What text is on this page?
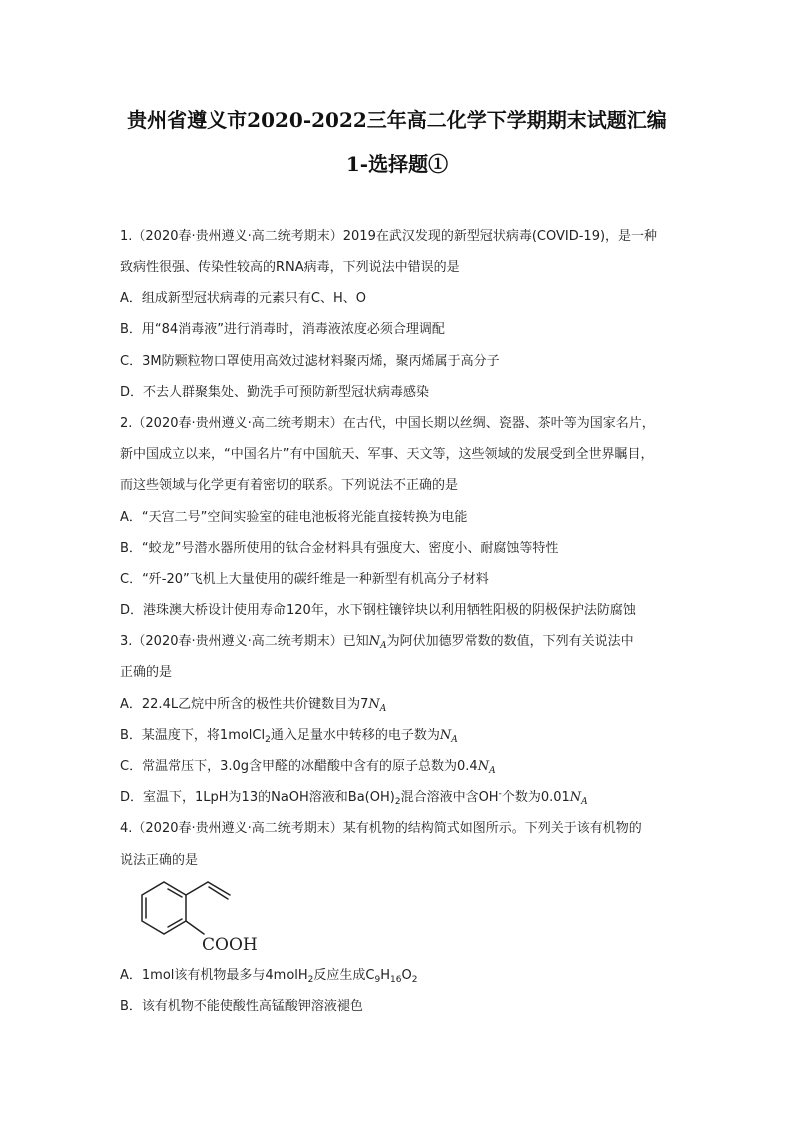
贵州省遵义市2020-2022三年高二化学下学期期末试题汇编
1-选择题①
1.（2020春·贵州遵义·高二统考期末）2019在武汉发现的新型冠状病毒(COVID-19)，是一种
致病性很强、传染性较高的RNA病毒，下列说法中错误的是
A．组成新型冠状病毒的元素只有C、H、O
B．用“84消毒液”进行消毒时，消毒液浓度必须合理调配
C．3M防颗粒物口罩使用高效过滤材料聚丙烯，聚丙烯属于高分子
D．不去人群聚集处、勤洗手可预防新型冠状病毒感染
2.（2020春·贵州遵义·高二统考期末）在古代，中国长期以丝绸、瓷器、茶叶等为国家名片，
新中国成立以来，“中国名片”有中国航天、军事、天文等，这些领域的发展受到全世界瞩目，
而这些领域与化学更有着密切的联系。下列说法不正确的是
A．“天宫二号”空间实验室的硅电池板将光能直接转换为电能
B．“蛟龙”号潜水器所使用的钛合金材料具有强度大、密度小、耐腐蚀等特性
C．“歼-20”飞机上大量使用的碳纤维是一种新型有机高分子材料
D．港珠澳大桥设计使用寿命120年，水下钢柱镶锌块以利用牺牲阳极的阴极保护法防腐蚀
3.（2020春·贵州遵义·高二统考期末）已知$N_A$为阿伏加德罗常数的数值，下列有关说法中
正确的是
A．22.4L乙烷中所含的极性共价键数目为$7N_A$
B．某温度下，将1molCl$_2$通入足量水中转移的电子数为$N_A$
C．常温常压下，3.0g含甲醛的冰醋酸中含有的原子总数为$0.4N_A$
D．室温下，1LpH为13的NaOH溶液和$Ba(OH)_2$混合溶液中含OH-个数为$0.01N_A$
4.（2020春·贵州遵义·高二统考期末）某有机物的结构简式如图所示。下列关于该有机物的
说法正确的是
COOH
A．1mol该有机物最多与4molH$_2$反应生成$C_9H_{16}O_2$
B．该有机物不能使酸性高锰酸钾溶液褪色
